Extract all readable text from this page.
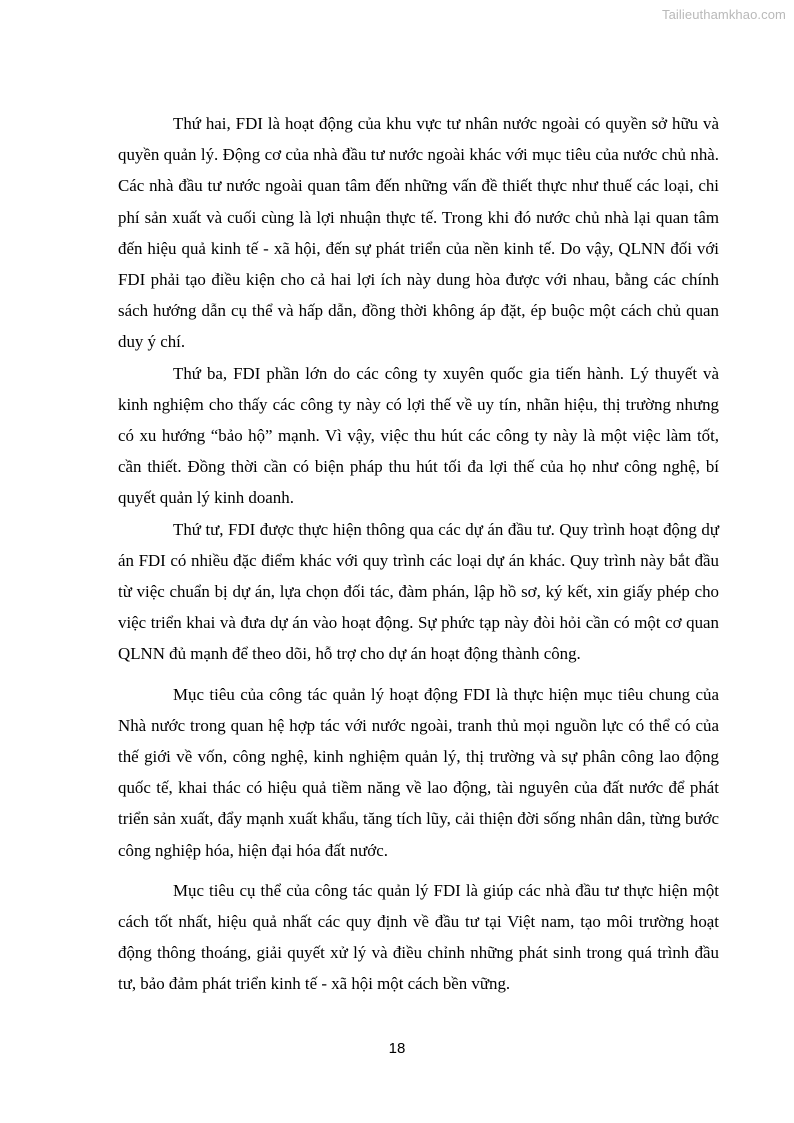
Tailieuthamkhao.com

Thứ hai, FDI là hoạt động của khu vực tư nhân nước ngoài có quyền sở hữu và quyền quản lý. Động cơ của nhà đầu tư nước ngoài khác với mục tiêu của nước chủ nhà. Các nhà đầu tư nước ngoài quan tâm đến những vấn đề thiết thực như thuế các loại, chi phí sản xuất và cuối cùng là lợi nhuận thực tế. Trong khi đó nước chủ nhà lại quan tâm đến hiệu quả kinh tế - xã hội, đến sự phát triển của nền kinh tế. Do vậy, QLNN đối với FDI phải tạo điều kiện cho cả hai lợi ích này dung hòa được với nhau, bằng các chính sách hướng dẫn cụ thể và hấp dẫn, đồng thời không áp đặt, ép buộc một cách chủ quan duy ý chí.

Thứ ba, FDI phần lớn do các công ty xuyên quốc gia tiến hành. Lý thuyết và kinh nghiệm cho thấy các công ty này có lợi thế về uy tín, nhãn hiệu, thị trường nhưng có xu hướng “bảo hộ” mạnh. Vì vậy, việc thu hút các công ty này là một việc làm tốt, cần thiết. Đồng thời cần có biện pháp thu hút tối đa lợi thế của họ như công nghệ, bí quyết quản lý kinh doanh.

Thứ tư, FDI được thực hiện thông qua các dự án đầu tư. Quy trình hoạt động dự án FDI có nhiều đặc điểm khác với quy trình các loại dự án khác. Quy trình này bắt đầu từ việc chuẩn bị dự án, lựa chọn đối tác, đàm phán, lập hồ sơ, ký kết, xin giấy phép cho việc triển khai và đưa dự án vào hoạt động. Sự phức tạp này đòi hỏi cần có một cơ quan QLNN đủ mạnh để theo dõi, hỗ trợ cho dự án hoạt động thành công.

Mục tiêu của công tác quản lý hoạt động FDI là thực hiện mục tiêu chung của Nhà nước trong quan hệ hợp tác với nước ngoài, tranh thủ mọi nguồn lực có thể có của thế giới về vốn, công nghệ, kinh nghiệm quản lý, thị trường và sự phân công lao động quốc tế, khai thác có hiệu quả tiềm năng về lao động, tài nguyên của đất nước để phát triển sản xuất, đẩy mạnh xuất khẩu, tăng tích lũy, cải thiện đời sống nhân dân, từng bước công nghiệp hóa, hiện đại hóa đất nước.

Mục tiêu cụ thể của công tác quản lý FDI là giúp các nhà đầu tư thực hiện một cách tốt nhất, hiệu quả nhất các quy định về đầu tư tại Việt nam, tạo môi trường hoạt động thông thoáng, giải quyết xử lý và điều chỉnh những phát sinh trong quá trình đầu tư, bảo đảm phát triển kinh tế - xã hội một cách bền vững.

18
